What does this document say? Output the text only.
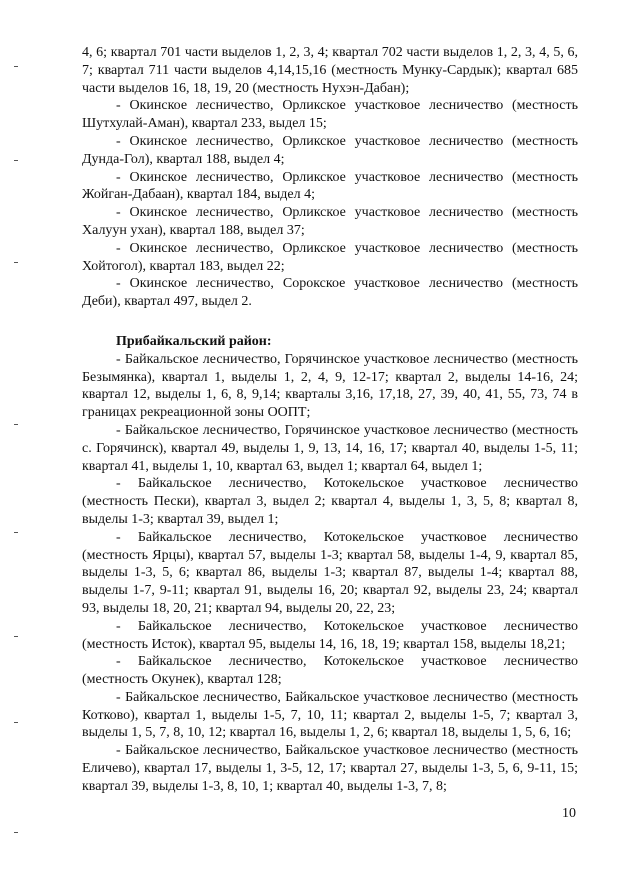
4, 6; квартал 701 части выделов 1, 2, 3, 4; квартал 702 части выделов 1, 2, 3, 4, 5, 6, 7; квартал 711 части выделов 4,14,15,16 (местность Мунку-Сардык); квартал 685 части выделов 16, 18, 19, 20 (местность Нухэн-Дабан);

- Окинское лесничество, Орликское участковое лесничество (местность Шутхулай-Аман), квартал 233, выдел 15;

- Окинское лесничество, Орликское участковое лесничество (местность Дунда-Гол), квартал 188, выдел 4;

- Окинское лесничество, Орликское участковое лесничество (местность Жойган-Дабаан), квартал 184, выдел 4;

- Окинское лесничество, Орликское участковое лесничество (местность Халуун ухан), квартал 188, выдел 37;

- Окинское лесничество, Орликское участковое лесничество (местность Хойтогол), квартал 183, выдел 22;

- Окинское лесничество, Сорокское участковое лесничество (местность Деби), квартал 497, выдел 2.

Прибайкальский район:

- Байкальское лесничество, Горячинское участковое лесничество (местность Безымянка), квартал 1, выделы 1, 2, 4, 9, 12-17; квартал 2, выделы 14-16, 24; квартал 12, выделы 1, 6, 8, 9,14; кварталы 3,16, 17,18, 27, 39, 40, 41, 55, 73, 74 в границах рекреационной зоны ООПТ;

- Байкальское лесничество, Горячинское участковое лесничество (местность с. Горячинск), квартал 49, выделы 1, 9, 13, 14, 16, 17; квартал 40, выделы 1-5, 11; квартал 41, выделы 1, 10, квартал 63, выдел 1; квартал 64, выдел 1;

- Байкальское лесничество, Котокельское участковое лесничество (местность Пески), квартал 3, выдел 2; квартал 4, выделы 1, 3, 5, 8; квартал 8, выделы 1-3; квартал 39, выдел 1;

- Байкальское лесничество, Котокельское участковое лесничество (местность Ярцы), квартал 57, выделы 1-3; квартал 58, выделы 1-4, 9, квартал 85, выделы 1-3, 5, 6; квартал 86, выделы 1-3; квартал 87, выделы 1-4; квартал 88, выделы 1-7, 9-11; квартал 91, выделы 16, 20; квартал 92, выделы 23, 24; квартал 93, выделы 18, 20, 21; квартал 94, выделы 20, 22, 23;

- Байкальское лесничество, Котокельское участковое лесничество (местность Исток), квартал 95, выделы 14, 16, 18, 19; квартал 158, выделы 18,21;

- Байкальское лесничество, Котокельское участковое лесничество (местность Окунек), квартал 128;

- Байкальское лесничество, Байкальское участковое лесничество (местность Котково), квартал 1, выделы 1-5, 7, 10, 11; квартал 2, выделы 1-5, 7; квартал 3, выделы 1, 5, 7, 8, 10, 12; квартал 16, выделы 1, 2, 6; квартал 18, выделы 1, 5, 6, 16;

- Байкальское лесничество, Байкальское участковое лесничество (местность Еличево), квартал 17, выделы 1, 3-5, 12, 17; квартал 27, выделы 1-3, 5, 6, 9-11, 15; квартал 39, выделы 1-3, 8, 10, 1; квартал 40, выделы 1-3, 7, 8;

10
